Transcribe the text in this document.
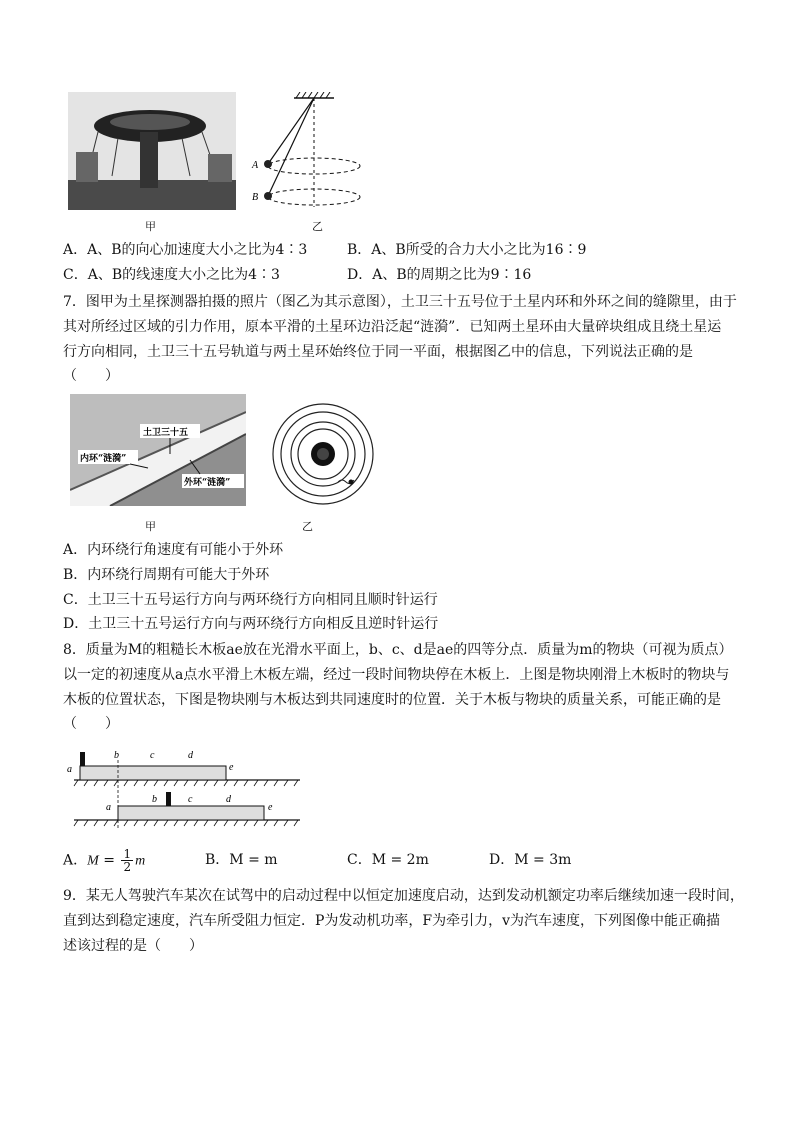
甲
A
B
乙
A．A、B的向心加速度大小之比为4∶3	B．A、B所受的合力大小之比为16∶9
C．A、B的线速度大小之比为4∶3	D．A、B的周期之比为9∶16
7．图甲为土星探测器拍摄的照片（图乙为其示意图），土卫三十五号位于土星内环和外环之间的缝隙里，由于
其对所经过区域的引力作用，原本平滑的土星环边沿泛起“涟漪”．已知两土星环由大量碎块组成且绕土星运
行方向相同，土卫三十五号轨道与两土星环始终位于同一平面，根据图乙中的信息，下列说法正确的是
（　　）
土卫三十五
内环“涟漪”
外环“涟漪”
甲	乙
A．内环绕行角速度有可能小于外环
B．内环绕行周期有可能大于外环
C．土卫三十五号运行方向与两环绕行方向相同且顺时针运行
D．土卫三十五号运行方向与两环绕行方向相反且逆时针运行
8．质量为M的粗糙长木板ae放在光滑水平面上，b、c、d是ae的四等分点．质量为m的物块（可视为质点）
以一定的初速度从a点水平滑上木板左端，经过一段时间物块停在木板上．上图是物块刚滑上木板时的物块与
木板的位置状态，下图是物块刚与木板达到共同速度时的位置．关于木板与物块的质量关系，可能正确的是
（　　）
a
b	c	d
e
a
b	c	d
e
A．$M = \frac{1}{2}$ m	B．M = m	C．M = 2m	D．M = 3m
9．某无人驾驶汽车某次在试驾中的启动过程中以恒定加速度启动，达到发动机额定功率后继续加速一段时间，
直到达到稳定速度，汽车所受阻力恒定．P为发动机功率，F为牵引力，v为汽车速度，下列图像中能正确描
述该过程的是（　　）
